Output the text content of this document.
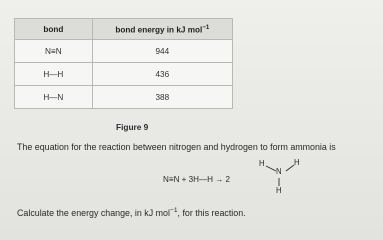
bond	bond energy in kJ mol$^{-1}$
N≡N	944
H—H	436
H—N	388
Figure 9
The equation for the reaction between nitrogen and hydrogen to form ammonia is
N≡N + 3H—H → 2
H
N
H
H
Calculate the energy change, in kJ mol$^{-1}$, for this reaction.
